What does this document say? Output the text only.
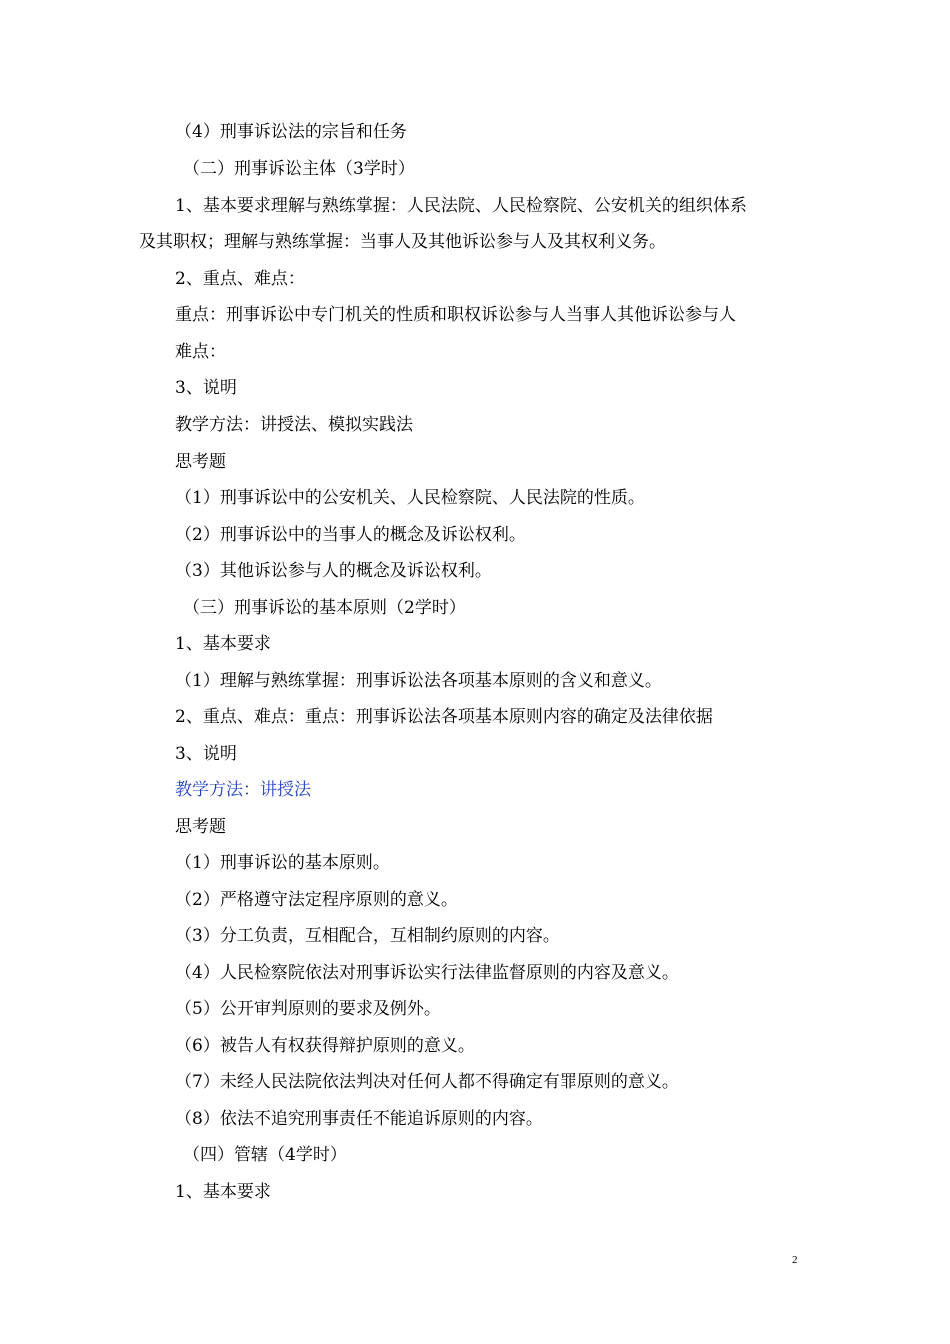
（4）刑事诉讼法的宗旨和任务
（二）刑事诉讼主体（3学时）
1、基本要求理解与熟练掌握：人民法院、人民检察院、公安机关的组织体系
及其职权；理解与熟练掌握：当事人及其他诉讼参与人及其权利义务。
2、重点、难点：
重点：刑事诉讼中专门机关的性质和职权诉讼参与人当事人其他诉讼参与人
难点：
3、说明
教学方法：讲授法、模拟实践法
思考题
（1）刑事诉讼中的公安机关、人民检察院、人民法院的性质。
（2）刑事诉讼中的当事人的概念及诉讼权利。
（3）其他诉讼参与人的概念及诉讼权利。
（三）刑事诉讼的基本原则（2学时）
1、基本要求
（1）理解与熟练掌握：刑事诉讼法各项基本原则的含义和意义。
2、重点、难点：重点：刑事诉讼法各项基本原则内容的确定及法律依据
3、说明
教学方法：讲授法
思考题
（1）刑事诉讼的基本原则。
（2）严格遵守法定程序原则的意义。
（3）分工负责，互相配合，互相制约原则的内容。
（4）人民检察院依法对刑事诉讼实行法律监督原则的内容及意义。
（5）公开审判原则的要求及例外。
（6）被告人有权获得辩护原则的意义。
（7）未经人民法院依法判决对任何人都不得确定有罪原则的意义。
（8）依法不追究刑事责任不能追诉原则的内容。
（四）管辖（4学时）
1、基本要求
2
